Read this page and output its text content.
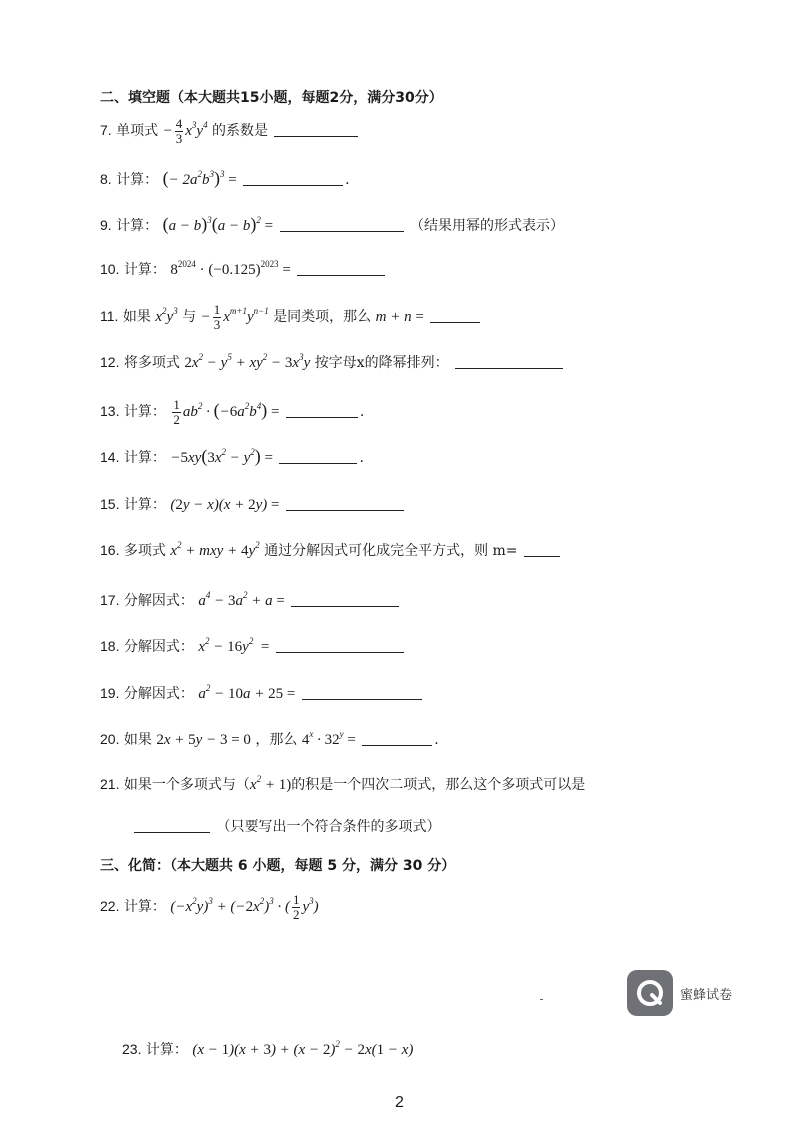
二、填空题（本大题共15小题，每题2分，满分30分）
7. 单项式 − $\frac{4}{3} x^3y^4$ 的系数是
8. 计算： (− $2a^2b^3)^3$ =	.
9. 计算： $(a - b)^3(a - b)^2$ =	（结果用幂的形式表示）
10. 计算： $8^{2024} \cdot (-0.125)^{2023}$ =
11. 如果 $x^2y^3$ 与 − $\frac{1}{3} x^{m+1}y^{n-1}$ 是同类项，那么 m + n =
12. 将多项式 $2x^2 - y^5 + xy^2 - 3x^3y$ 按字母x的降幂排列：
13. 计算： $\frac{1}{2} ab^2 \cdot (-6a^2b^4)$ =	.
14. 计算： $-5xy(3x^2 - y^2)$ =	.
15. 计算： (2y − x)(x + 2y) =
16. 多项式 $x^2$ + mxy + $4y^2$ 通过分解因式可化成完全平方式，则 m=
17. 分解因式： $a^4 - 3a^2 + a$ =
18. 分解因式： $x^2 - 16y^2$ =
19. 分解因式： $a^2 - 10a + 25$ =
20. 如果 2x + 5y − 3 = 0 ，那么 $4^x \cdot 32^y$ =	.
21. 如果一个多项式与$(x^2 + 1)$的积是一个四次二项式，那么这个多项式可以是
（只要写出一个符合条件的多项式）
三、化简：（本大题共 6 小题，每题 5 分，满分 30 分）
22. 计算： $(-x^2y)^3 + (-2x^2)^3$ · ( $\frac{1}{2} y^3$)
蜜蜂试卷
23. 计算： $(x - 1)(x + 3) + (x - 2)^2 - 2x(1 - x)$
2
